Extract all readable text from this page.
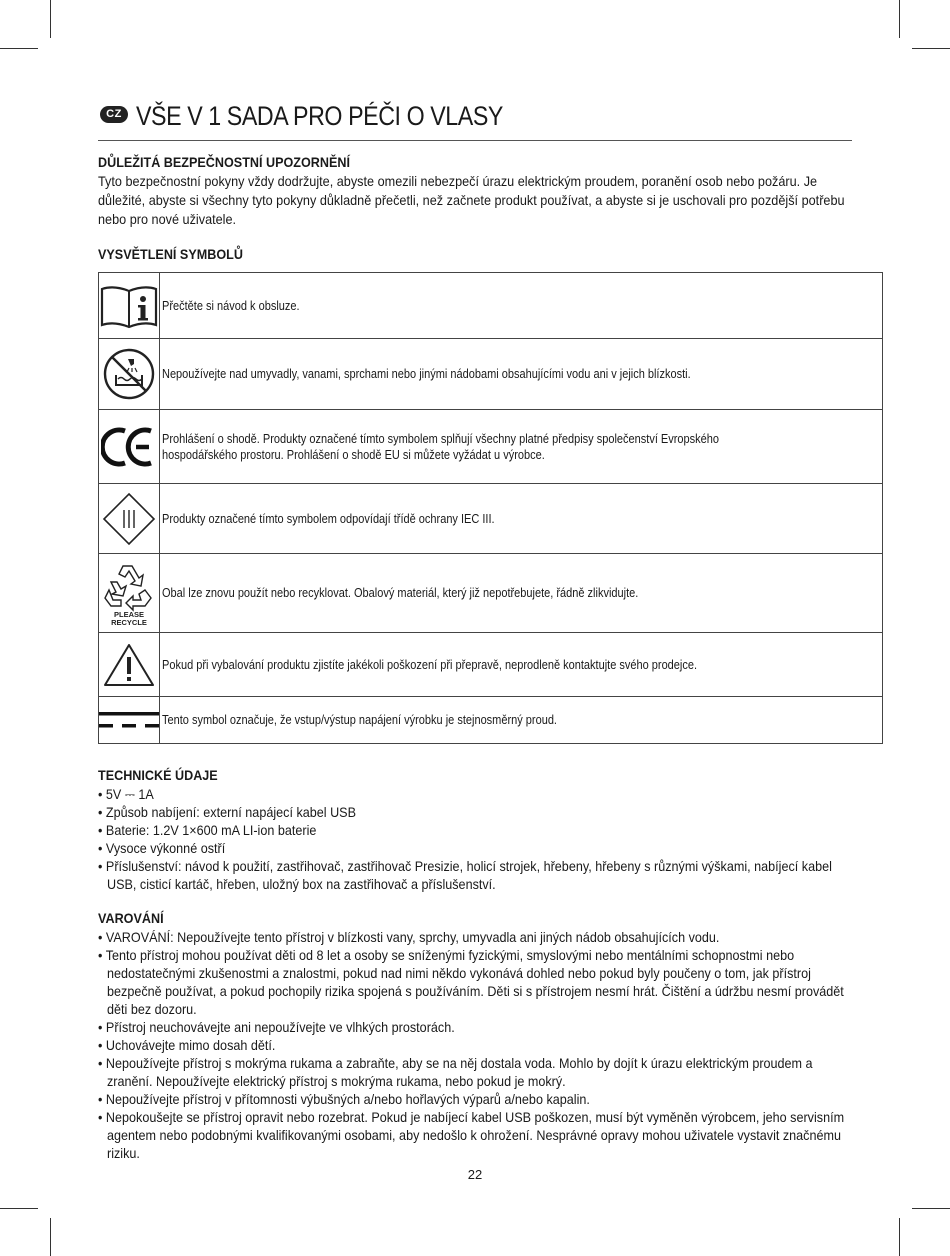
CZ VŠE V 1 SADA PRO PÉČI O VLASY
DŮLEŽITÁ BEZPEČNOSTNÍ UPOZORNĚNÍ
Tyto bezpečnostní pokyny vždy dodržujte, abyste omezili nebezpečí úrazu elektrickým proudem, poranění osob nebo požáru. Je důležité, abyste si všechny tyto pokyny důkladně přečetli, než začnete produkt používat, a abyste si je uschovali pro pozdější potřebu nebo pro nové uživatele.
VYSVĚTLENÍ SYMBOLŮ

Přečtěte si návod k obsluze.

Nepoužívejte nad umyvadly, vanami, sprchami nebo jinými nádobami obsahujícími vodu ani v jejich blízkosti.

Prohlášení o shodě. Produkty označené tímto symbolem splňují všechny platné předpisy společenství Evropského hospodářského prostoru. Prohlášení o shodě EU si můžete vyžádat u výrobce.

Produkty označené tímto symbolem odpovídají třídě ochrany IEC III.

PLEASE
RECYCLE	Obal lze znovu použít nebo recyklovat. Obalový materiál, který již nepotřebujete, řádně zlikvidujte.

Pokud při vybalování produktu zjistíte jakékoli poškození při přepravě, neprodleně kontaktujte svého prodejce.

Tento symbol označuje, že vstup/výstup napájení výrobku je stejnosměrný proud.
TECHNICKÉ ÚDAJE
• 5V ⎓ 1A
• Způsob nabíjení: externí napájecí kabel USB
• Baterie: 1.2V 1×600 mA LI-ion baterie
• Vysoce výkonné ostří
• Příslušenství: návod k použití, zastřihovač, zastřihovač Presizie, holicí strojek, hřebeny, hřebeny s různými výškami, nabíjecí kabel USB, cisticí kartáč, hřeben, uložný box na zastřihovač a příslušenství.
VAROVÁNÍ
• VAROVÁNÍ: Nepoužívejte tento přístroj v blízkosti vany, sprchy, umyvadla ani jiných nádob obsahujících vodu.
• Tento přístroj mohou používat děti od 8 let a osoby se sníženými fyzickými, smyslovými nebo mentálními schopnostmi nebo nedostatečnými zkušenostmi a znalostmi, pokud nad nimi někdo vykonává dohled nebo pokud byly poučeny o tom, jak přístroj bezpečně používat, a pokud pochopily rizika spojená s používáním. Děti si s přístrojem nesmí hrát. Čištění a údržbu nesmí provádět děti bez dozoru.
• Přístroj neuchovávejte ani nepoužívejte ve vlhkých prostorách.
• Uchovávejte mimo dosah dětí.
• Nepoužívejte přístroj s mokrýma rukama a zabraňte, aby se na něj dostala voda. Mohlo by dojít k úrazu elektrickým proudem a zranění. Nepoužívejte elektrický přístroj s mokrýma rukama, nebo pokud je mokrý.
• Nepoužívejte přístroj v přítomnosti výbušných a/nebo hořlavých výparů a/nebo kapalin.
• Nepokoušejte se přístroj opravit nebo rozebrat. Pokud je nabíjecí kabel USB poškozen, musí být vyměněn výrobcem, jeho servisním agentem nebo podobnými kvalifikovanými osobami, aby nedošlo k ohrožení. Nesprávné opravy mohou uživatele vystavit značnému riziku.
22
